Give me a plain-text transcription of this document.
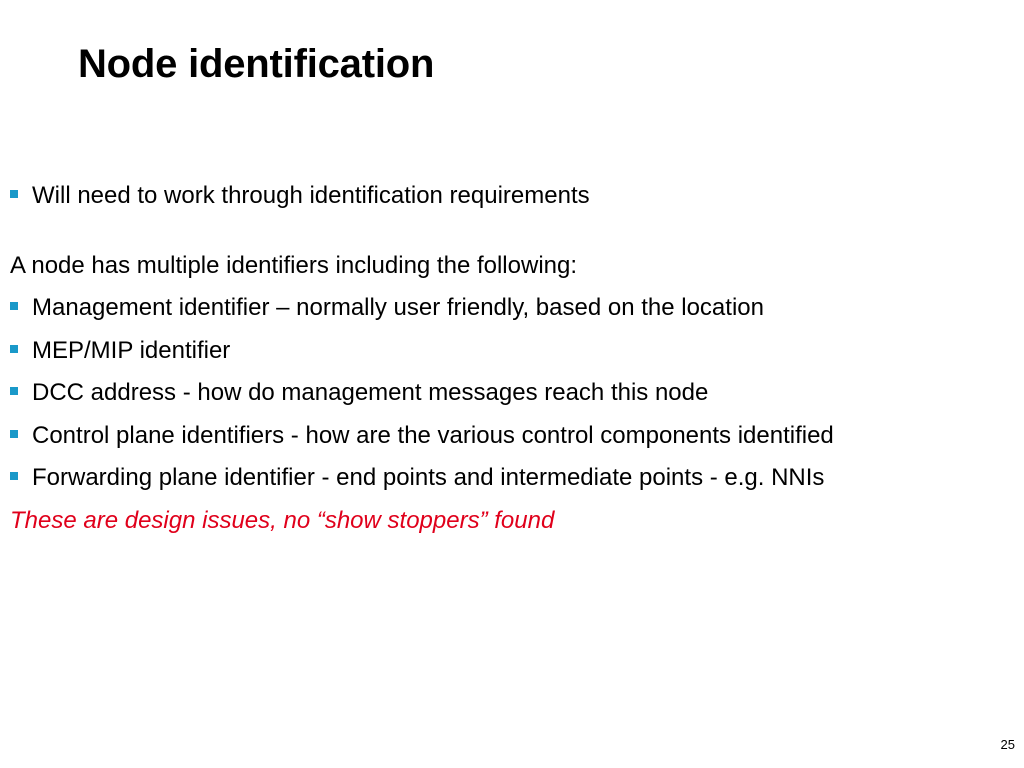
Node identification
Will need to work through identification requirements
A node has multiple identifiers including the following:
Management identifier – normally user friendly, based on the location
MEP/MIP identifier
DCC address - how do management messages reach this node
Control plane identifiers - how are the various control components identified
Forwarding plane identifier - end points and intermediate points - e.g. NNIs
These are design issues, no “show stoppers” found
25
